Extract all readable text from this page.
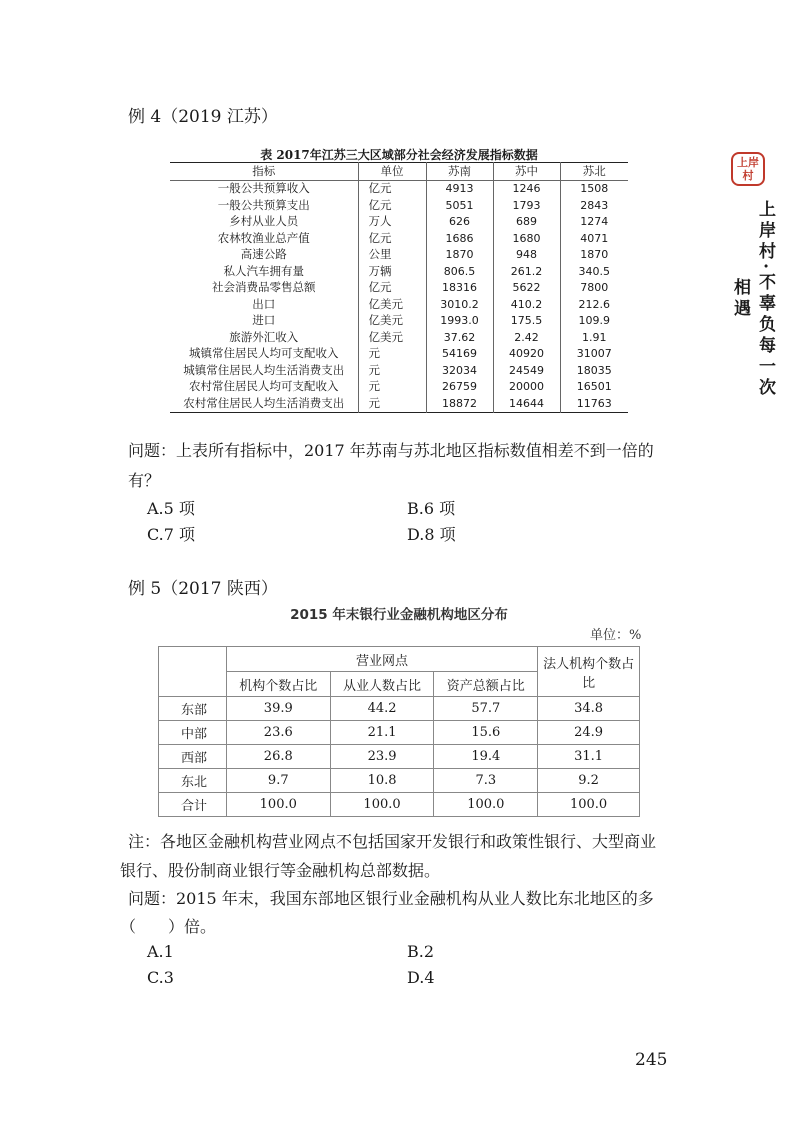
例 4（2019 江苏）
表 2017年江苏三大区域部分社会经济发展指标数据
指标	单位	苏南	苏中	苏北
一般公共预算收入	亿元	4913	1246	1508
一般公共预算支出	亿元	5051	1793	2843
乡村从业人员	万人	626	689	1274
农林牧渔业总产值	亿元	1686	1680	4071
高速公路	公里	1870	948	1870
私人汽车拥有量	万辆	806.5	261.2	340.5
社会消费品零售总额	亿元	18316	5622	7800
出口	亿美元	3010.2	410.2	212.6
进口	亿美元	1993.0	175.5	109.9
旅游外汇收入	亿美元	37.62	2.42	1.91
城镇常住居民人均可支配收入	元	54169	40920	31007
城镇常住居民人均生活消费支出	元	32034	24549	18035
农村常住居民人均可支配收入	元	26759	20000	16501
农村常住居民人均生活消费支出	元	18872	14644	11763
问题：上表所有指标中，2017 年苏南与苏北地区指标数值相差不到一倍的
有？
A.5 项	B.6 项
C.7 项	D.8 项
例 5（2017 陕西）
2015 年末银行业金融机构地区分布
单位：%
	营业网点			法人机构个数占比
	机构个数占比	从业人数占比	资产总额占比	
东部	39.9	44.2	57.7	34.8
中部	23.6	21.1	15.6	24.9
西部	26.8	23.9	19.4	31.1
东北	9.7	10.8	7.3	9.2
合计	100.0	100.0	100.0	100.0
注：各地区金融机构营业网点不包括国家开发银行和政策性银行、大型商业
银行、股份制商业银行等金融机构总部数据。
问题：2015 年末，我国东部地区银行业金融机构从业人数比东北地区的多
（　　）倍。
A.1	B.2
C.3	D.4
上岸
村
上岸村·不辜负每一次相遇
245
